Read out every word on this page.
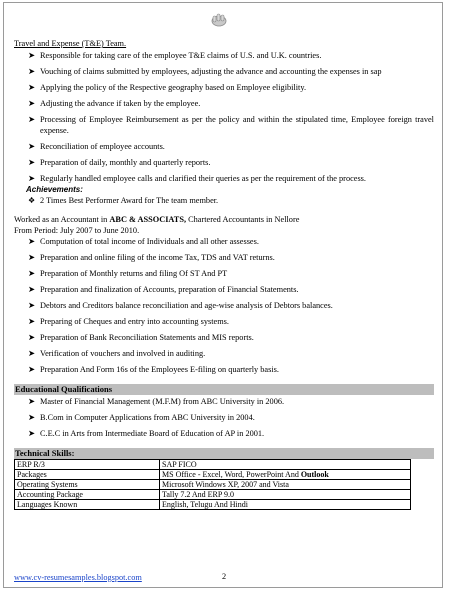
Travel and Expense (T&E) Team.
➤ Responsible for taking care of the employee T&E claims of U.S. and U.K. countries.
➤ Vouching of claims submitted by employees, adjusting the advance and accounting the expenses in sap
➤ Applying the policy of the Respective geography based on Employee eligibility.
➤ Adjusting the advance if taken by the employee.
➤ Processing of Employee Reimbursement as per the policy and within the stipulated time, Employee foreign travel expense.
➤ Reconciliation of employee accounts.
➤ Preparation of daily, monthly and quarterly reports.
➤ Regularly handled employee calls and clarified their queries as per the requirement of the process.
Achievements:
❖ 2 Times Best Performer Award for The team member.
Worked as an Accountant in ABC & ASSOCIATS, Chartered Accountants in Nellore
From Period: July 2007 to June 2010.
➤ Computation of total income of Individuals and all other assesses.
➤ Preparation and online filing of the income Tax, TDS and VAT returns.
➤ Preparation of Monthly returns and filing Of ST And PT
➤ Preparation and finalization of Accounts, preparation of Financial Statements.
➤ Debtors and Creditors balance reconciliation and age-wise analysis of Debtors balances.
➤ Preparing of Cheques and entry into accounting systems.
➤ Preparation of Bank Reconciliation Statements and MIS reports.
➤ Verification of vouchers and involved in auditing.
➤ Preparation And Form 16s of the Employees E-filing on quarterly basis.
Educational Qualifications
➤ Master of Financial Management (M.F.M) from ABC University in 2006.
➤ B.Com in Computer Applications from ABC University in 2004.
➤ C.E.C in Arts from Intermediate Board of Education of AP in 2001.
Technical Skills:
ERP R/3	SAP FICO
Packages	MS Office - Excel, Word, PowerPoint And Outlook
Operating Systems	Microsoft Windows XP, 2007 and Vista
Accounting Package	Tally 7.2 And ERP 9.0
Languages Known	English, Telugu And Hindi
www.cv-resumesamples.blogspot.com	2
